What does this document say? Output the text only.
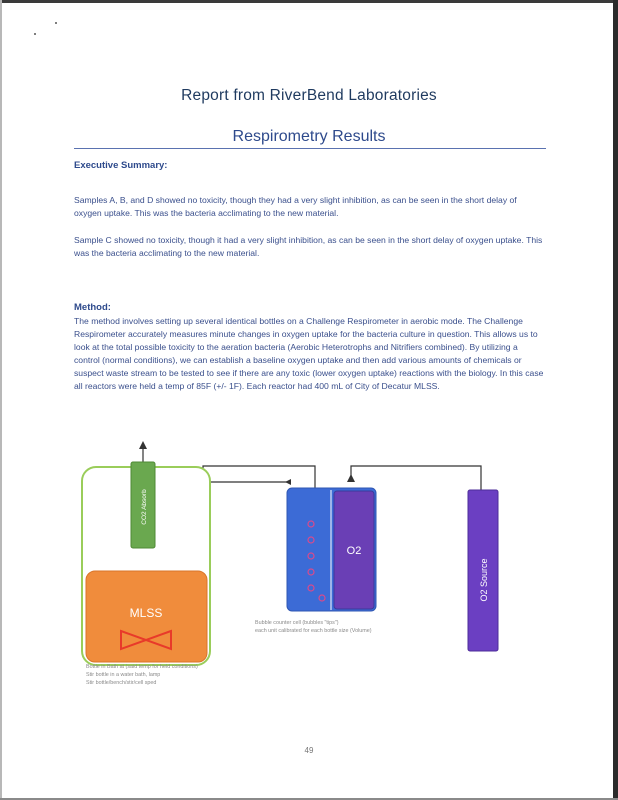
Report from RiverBend Laboratories
Respirometry Results
Executive Summary:
Samples A, B, and D showed no toxicity, though they had a very slight inhibition, as can be seen in the short delay of oxygen uptake. This was the bacteria acclimating to the new material.
Sample C showed no toxicity, though it had a very slight inhibition, as can be seen in the short delay of oxygen uptake. This was the bacteria acclimating to the new material.
Method:
The method involves setting up several identical bottles on a Challenge Respirometer in aerobic mode. The Challenge Respirometer accurately measures minute changes in oxygen uptake for the bacteria culture in question. This allows us to look at the total possible toxicity to the aeration bacteria (Aerobic Heterotrophs and Nitrifiers combined). By utilizing a control (normal conditions), we can establish a baseline oxygen uptake and then add various amounts of chemicals or suspect waste stream to be tested to see if there are any toxic (lower oxygen uptake) reactions with the biology. In this case all reactors were held a temp of 85F (+/- 1F). Each reactor had 400 mL of City of Decatur MLSS.
CO2 Absorb
MLSS
O2
O2 Source
Bubble counter cell (bubbles "tips")
each unit calibrated for each bottle size (Volume)
Bottle in Bath at (said temp for held conditions)
Stir bottle in a water bath, lamp
Stir bottle/bench/stir/cell sped
49
